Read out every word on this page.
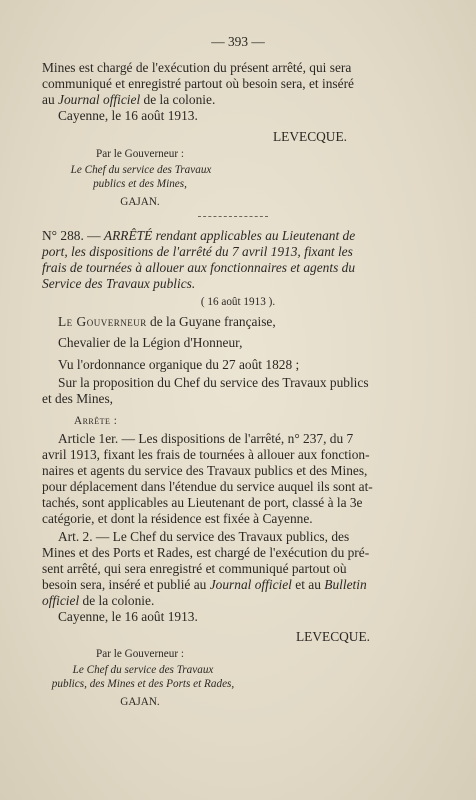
— 393 —
Mines est chargé de l'exécution du présent arrêté, qui sera
communiqué et enregistré partout où besoin sera, et inséré
au Journal officiel de la colonie.
Cayenne, le 16 août 1913.
LEVECQUE.
Par le Gouverneur :
Le Chef du service des Travaux
publics et des Mines,
GAJAN.
N° 288. — ARRÊTÉ rendant applicables au Lieutenant de
port, les dispositions de l'arrêté du 7 avril 1913, fixant les
frais de tournées à allouer aux fonctionnaires et agents du
Service des Travaux publics.
( 16 août 1913 ).
Le Gouverneur de la Guyane française,
Chevalier de la Légion d'Honneur,
Vu l'ordonnance organique du 27 août 1828 ;
Sur la proposition du Chef du service des Travaux publics
et des Mines,
Arrête :
Article 1er. — Les dispositions de l'arrêté, n° 237, du 7
avril 1913, fixant les frais de tournées à allouer aux fonction-
naires et agents du service des Travaux publics et des Mines,
pour déplacement dans l'étendue du service auquel ils sont at-
tachés, sont applicables au Lieutenant de port, classé à la 3e
catégorie, et dont la résidence est fixée à Cayenne.
Art. 2. — Le Chef du service des Travaux publics, des
Mines et des Ports et Rades, est chargé de l'exécution du pré-
sent arrêté, qui sera enregistré et communiqué partout où
besoin sera, inséré et publié au Journal officiel et au Bulletin
officiel de la colonie.
Cayenne, le 16 août 1913.
LEVECQUE.
Par le Gouverneur :
Le Chef du service des Travaux
publics, des Mines et des Ports et Rades,
GAJAN.
